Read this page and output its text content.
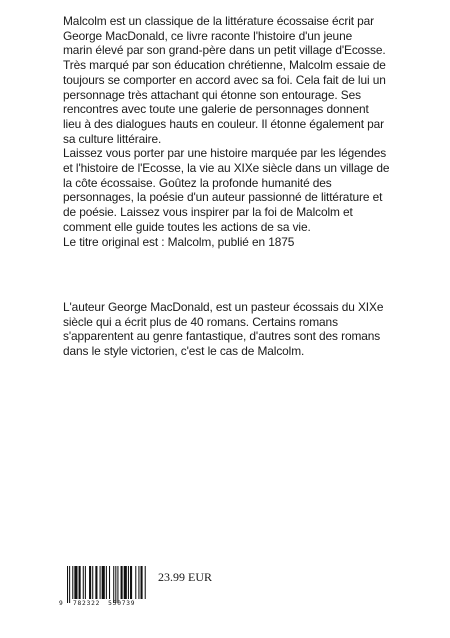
Malcolm est un classique de la littérature écossaise écrit par
George MacDonald, ce livre raconte l'histoire d'un jeune
marin élevé par son grand-père dans un petit village d'Ecosse.
Très marqué par son éducation chrétienne, Malcolm essaie de
toujours se comporter en accord avec sa foi. Cela fait de lui un
personnage très attachant qui étonne son entourage. Ses
rencontres avec toute une galerie de personnages donnent
lieu à des dialogues hauts en couleur. Il étonne également par
sa culture littéraire.
Laissez vous porter par une histoire marquée par les légendes
et l'histoire de l'Ecosse, la vie au XIXe siècle dans un village de
la côte écossaise. Goûtez la profonde humanité des
personnages, la poésie d'un auteur passionné de littérature et
de poésie. Laissez vous inspirer par la foi de Malcolm et
comment elle guide toutes les actions de sa vie.
Le titre original est : Malcolm, publié en 1875

L'auteur George MacDonald, est un pasteur écossais du XIXe
siècle qui a écrit plus de 40 romans. Certains romans
s'apparentent au genre fantastique, d'autres sont des romans
dans le style victorien, c'est le cas de Malcolm.

9	782322 550739
23.99 EUR
